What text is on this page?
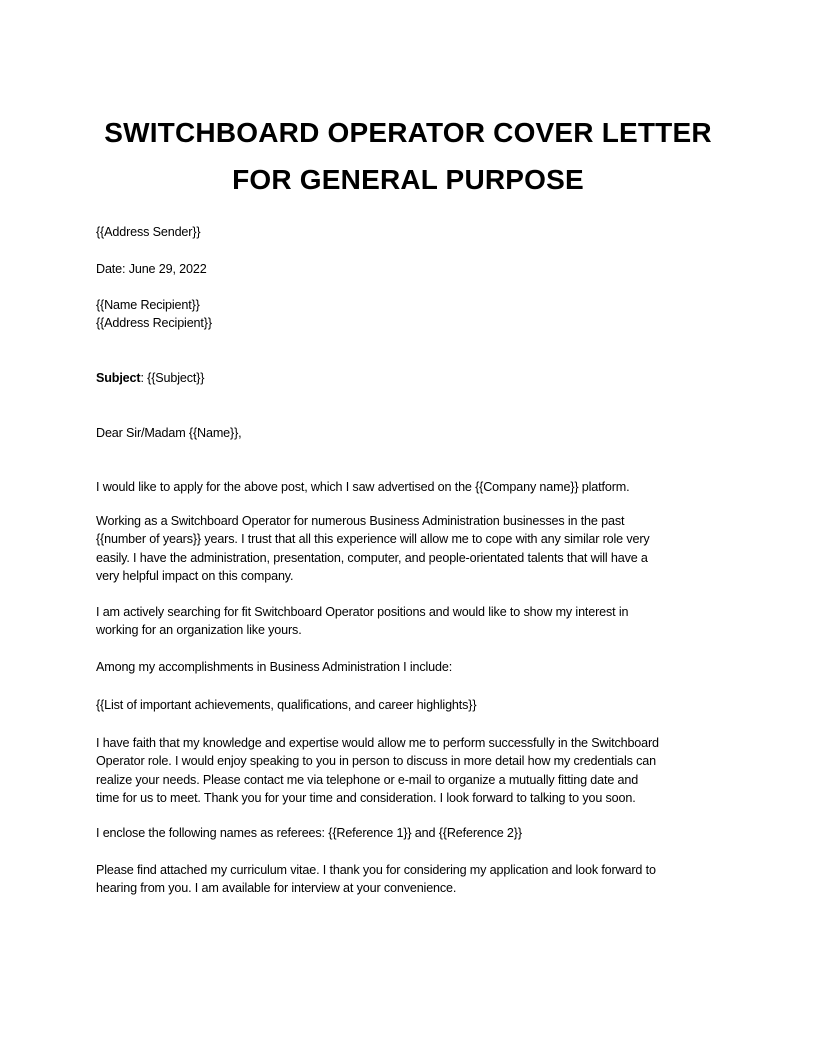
SWITCHBOARD OPERATOR COVER LETTER
FOR GENERAL PURPOSE
{{Address Sender}}
Date: June 29, 2022
{{Name Recipient}}
{{Address Recipient}}
Subject: {{Subject}}
Dear Sir/Madam {{Name}},
I would like to apply for the above post, which I saw advertised on the {{Company name}} platform.
Working as a Switchboard Operator for numerous Business Administration businesses in the past
{{number of years}} years. I trust that all this experience will allow me to cope with any similar role very
easily. I have the administration, presentation, computer, and people-orientated talents that will have a
very helpful impact on this company.
I am actively searching for fit Switchboard Operator positions and would like to show my interest in
working for an organization like yours.
Among my accomplishments in Business Administration I include:
{{List of important achievements, qualifications, and career highlights}}
I have faith that my knowledge and expertise would allow me to perform successfully in the Switchboard
Operator role. I would enjoy speaking to you in person to discuss in more detail how my credentials can
realize your needs. Please contact me via telephone or e-mail to organize a mutually fitting date and
time for us to meet. Thank you for your time and consideration. I look forward to talking to you soon.
I enclose the following names as referees: {{Reference 1}} and {{Reference 2}}
Please find attached my curriculum vitae. I thank you for considering my application and look forward to
hearing from you. I am available for interview at your convenience.
